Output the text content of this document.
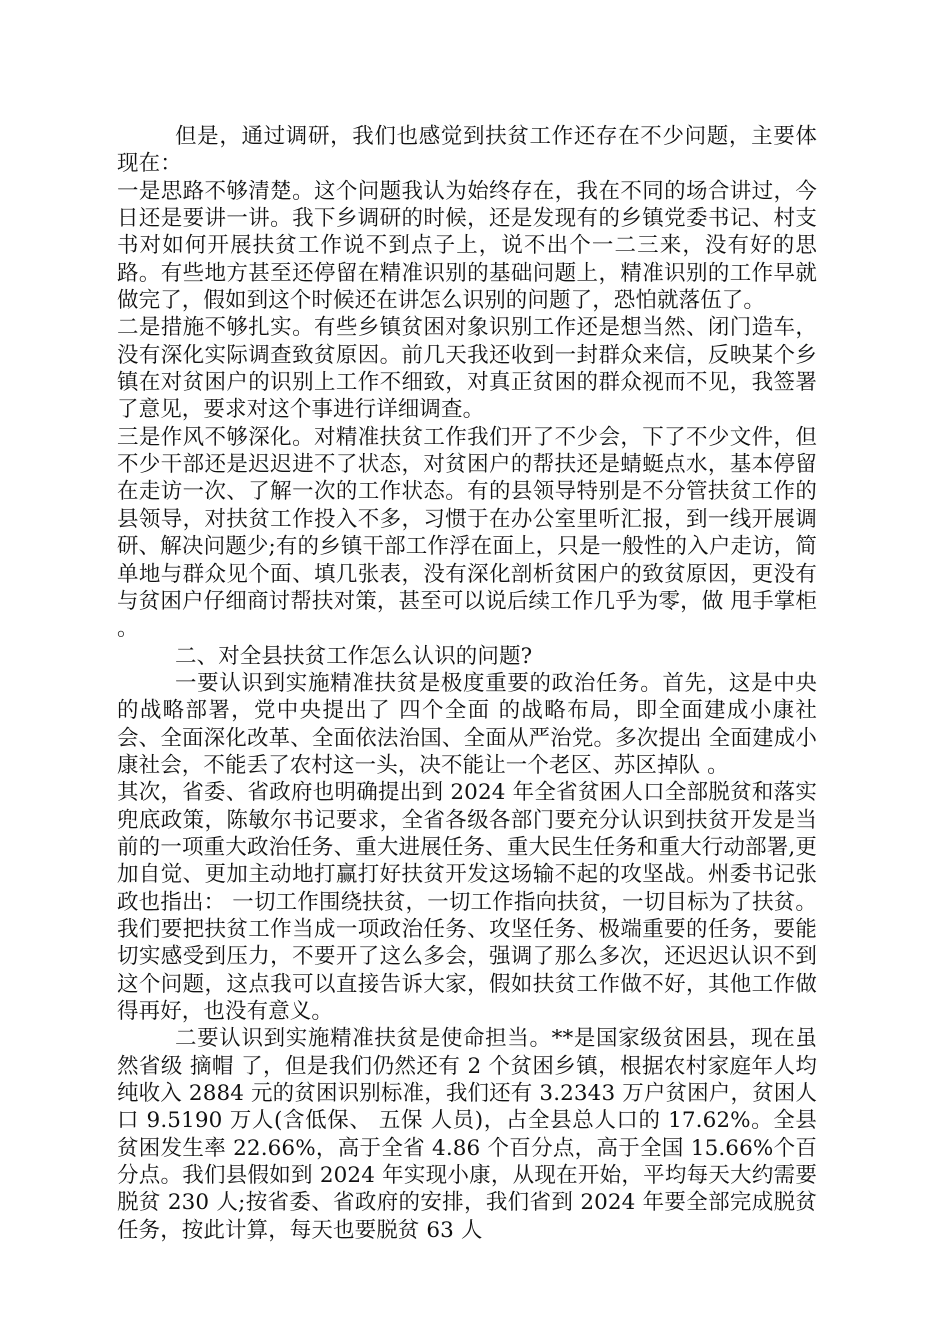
但是，通过调研，我们也感觉到扶贫工作还存在不少问题，主要体现在：

一是思路不够清楚。这个问题我认为始终存在，我在不同的场合讲过，今日还是要讲一讲。我下乡调研的时候，还是发现有的乡镇党委书记、村支书对如何开展扶贫工作说不到点子上，说不出个一二三来，没有好的思路。有些地方甚至还停留在精准识别的基础问题上，精准识别的工作早就做完了，假如到这个时候还在讲怎么识别的问题了，恐怕就落伍了。

二是措施不够扎实。有些乡镇贫困对象识别工作还是想当然、闭门造车，没有深化实际调查致贫原因。前几天我还收到一封群众来信，反映某个乡镇在对贫困户的识别上工作不细致，对真正贫困的群众视而不见，我签署了意见，要求对这个事进行详细调查。

三是作风不够深化。对精准扶贫工作我们开了不少会，下了不少文件，但不少干部还是迟迟进不了状态，对贫困户的帮扶还是蜻蜓点水，基本停留在走访一次、了解一次的工作状态。有的县领导特别是不分管扶贫工作的县领导，对扶贫工作投入不多，习惯于在办公室里听汇报，到一线开展调研、解决问题少;有的乡镇干部工作浮在面上，只是一般性的入户走访，简单地与群众见个面、填几张表，没有深化剖析贫困户的致贫原因，更没有与贫困户仔细商讨帮扶对策，甚至可以说后续工作几乎为零，做 甩手掌柜 。

二、对全县扶贫工作怎么认识的问题?

一要认识到实施精准扶贫是极度重要的政治任务。首先，这是中央的战略部署，党中央提出了 四个全面 的战略布局，即全面建成小康社会、全面深化改革、全面依法治国、全面从严治党。多次提出 全面建成小康社会，不能丢了农村这一头，决不能让一个老区、苏区掉队 。

其次，省委、省政府也明确提出到 2024 年全省贫困人口全部脱贫和落实兜底政策，陈敏尔书记要求，全省各级各部门要充分认识到扶贫开发是当前的一项重大政治任务、重大进展任务、重大民生任务和重大行动部署,更加自觉、更加主动地打赢打好扶贫开发这场输不起的攻坚战。州委书记张政也指出： 一切工作围绕扶贫，一切工作指向扶贫，一切目标为了扶贫。 我们要把扶贫工作当成一项政治任务、攻坚任务、极端重要的任务，要能切实感受到压力，不要开了这么多会，强调了那么多次，还迟迟认识不到这个问题，这点我可以直接告诉大家，假如扶贫工作做不好，其他工作做得再好，也没有意义。

二要认识到实施精准扶贫是使命担当。**是国家级贫困县，现在虽然省级 摘帽 了，但是我们仍然还有 2 个贫困乡镇，根据农村家庭年人均纯收入 2884 元的贫困识别标准，我们还有 3.2343 万户贫困户，贫困人口 9.5190 万人(含低保、 五保 人员)，占全县总人口的 17.62%。全县贫困发生率 22.66%，高于全省 4.86 个百分点，高于全国 15.66%个百分点。我们县假如到 2024 年实现小康，从现在开始，平均每天大约需要脱贫 230 人;按省委、省政府的安排，我们省到 2024 年要全部完成脱贫任务，按此计算，每天也要脱贫 63 人
